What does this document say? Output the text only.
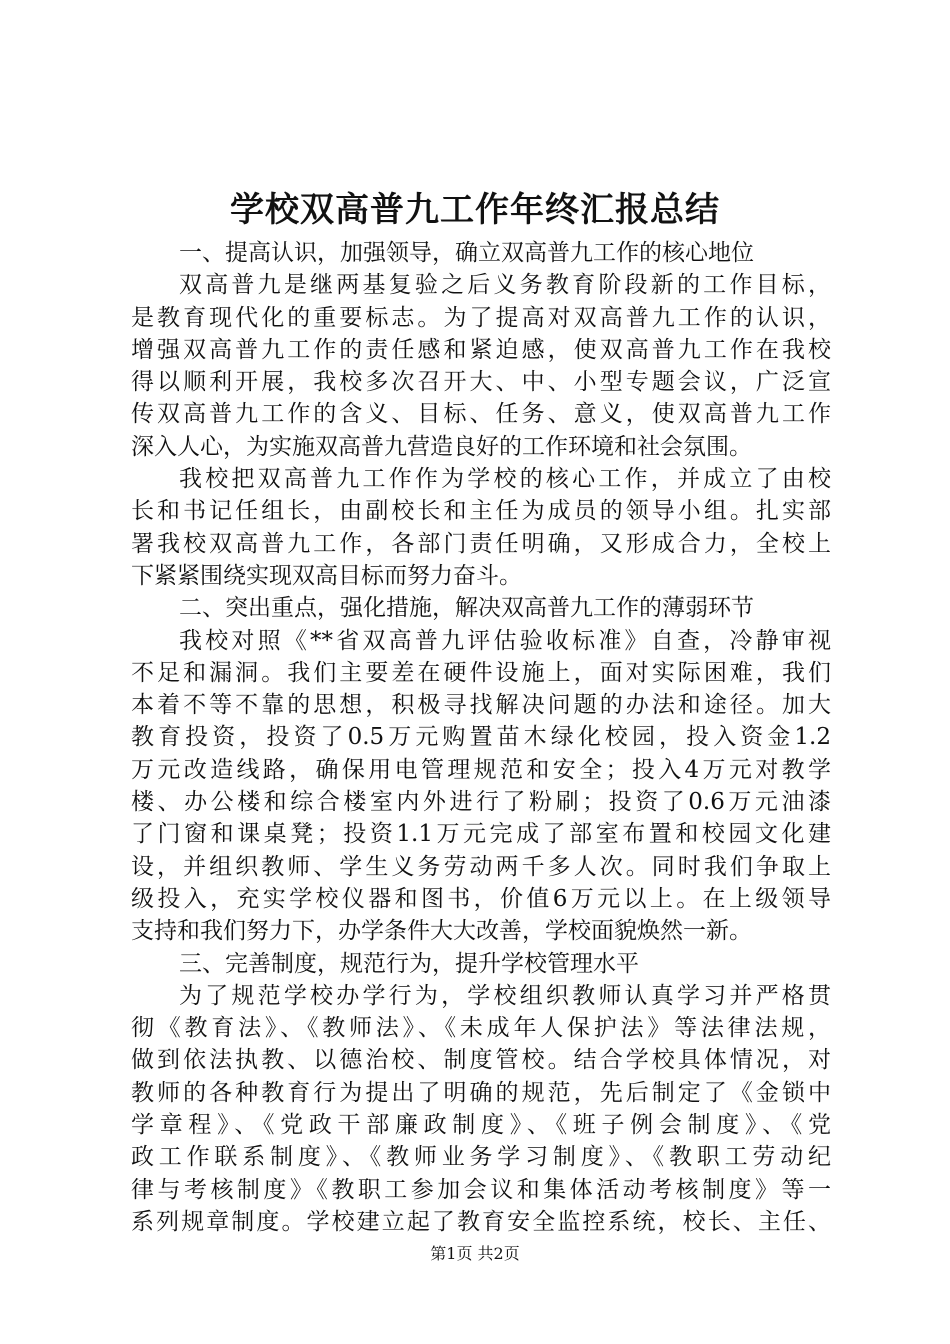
学校双高普九工作年终汇报总结

一、提高认识，加强领导，确立双高普九工作的核心地位

双高普九是继两基复验之后义务教育阶段新的工作目标，

是教育现代化的重要标志。为了提高对双高普九工作的认识，

增强双高普九工作的责任感和紧迫感，使双高普九工作在我校

得以顺利开展，我校多次召开大、中、小型专题会议，广泛宣

传双高普九工作的含义、目标、任务、意义，使双高普九工作

深入人心，为实施双高普九营造良好的工作环境和社会氛围。

我校把双高普九工作作为学校的核心工作，并成立了由校

长和书记任组长，由副校长和主任为成员的领导小组。扎实部

署我校双高普九工作，各部门责任明确，又形成合力，全校上

下紧紧围绕实现双高目标而努力奋斗。

二、突出重点，强化措施，解决双高普九工作的薄弱环节

我校对照《**省双高普九评估验收标准》自查，冷静审视

不足和漏洞。我们主要差在硬件设施上，面对实际困难，我们

本着不等不靠的思想，积极寻找解决问题的办法和途径。加大

教育投资，投资了0.5万元购置苗木绿化校园，投入资金1.2

万元改造线路，确保用电管理规范和安全；投入4万元对教学

楼、办公楼和综合楼室内外进行了粉刷；投资了0.6万元油漆

了门窗和课桌凳；投资1.1万元完成了部室布置和校园文化建

设，并组织教师、学生义务劳动两千多人次。同时我们争取上

级投入，充实学校仪器和图书，价值6万元以上。在上级领导

支持和我们努力下，办学条件大大改善，学校面貌焕然一新。

三、完善制度，规范行为，提升学校管理水平

为了规范学校办学行为，学校组织教师认真学习并严格贯

彻《教育法》、《教师法》、《未成年人保护法》等法律法规，

做到依法执教、以德治校、制度管校。结合学校具体情况，对

教师的各种教育行为提出了明确的规范，先后制定了《金锁中

学章程》、《党政干部廉政制度》、《班子例会制度》、《党

政工作联系制度》、《教师业务学习制度》、《教职工劳动纪

律与考核制度》《教职工参加会议和集体活动考核制度》等一

系列规章制度。学校建立起了教育安全监控系统，校长、主任、

第1页 共2页
